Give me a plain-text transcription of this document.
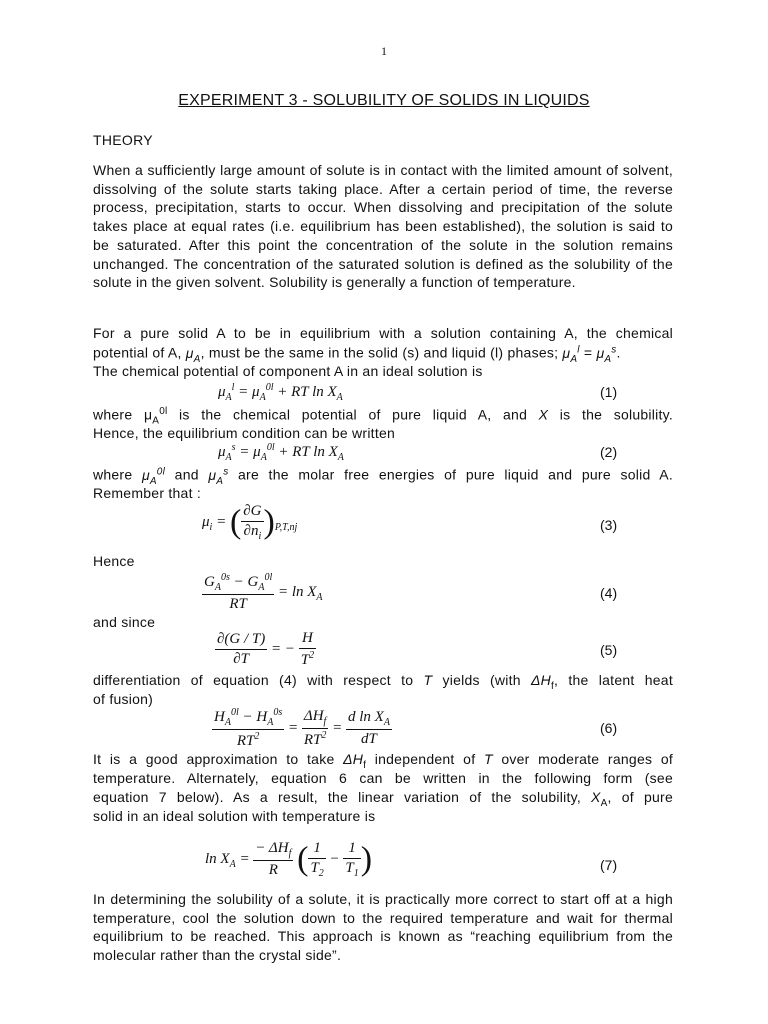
1
EXPERIMENT 3 - SOLUBILITY OF SOLIDS IN LIQUIDS
THEORY

When a sufficiently large amount of solute is in contact with the limited amount of solvent, dissolving of the solute starts taking place. After a certain period of time, the reverse process, precipitation, starts to occur. When dissolving and precipitation of the solute takes place at equal rates (i.e. equilibrium has been established), the solution is said to be saturated. After this point the concentration of the solute in the solution remains unchanged. The concentration of the saturated solution is defined as the solubility of the solute in the given solvent. Solubility is generally a function of temperature.

For a pure solid A to be in equilibrium with a solution containing A, the chemical
potential of A, $\mu_A$, must be the same in the solid (s) and liquid (l) phases; $\mu_A^l = \mu_A^s$.
The chemical potential of component A in an ideal solution is
$\mu_A^l = \mu_A^{0l}$ + RT $\ln X_A$	(1)
where $\mu_A^{0l}$ is the chemical potential of pure liquid A, and X is the solubility.
Hence, the equilibrium condition can be written
$\mu_A^s = \mu_A^{0l}$ + RT $\ln X_A$	(2)
where $\mu_A^{0l}$ and $\mu_A^s$ are the molar free energies of pure liquid and pure solid A.
Remember that :
$\mu_i$ = ( $\frac{\partial G}{\partial n_i} )_{P,T,nj}$	(3)
Hence
$\frac{G_A^{0s} - G_A^{0l}}{RT} = \ln X_A$	(4)
and since
$\frac{\partial(G / T)}{\partial T}$ = − $\frac{H}{T^2}$	(5)
differentiation of equation (4) with respect to T yields (with $\Delta H_f$, the latent heat
of fusion)
$\frac{H_A^{0l} - H_A^{0s}}{RT^2} = \frac{\Delta H_f}{RT^2} = \frac{d \ln X_A}{dT}$	(6)
It is a good approximation to take $\Delta H_f$ independent of T over moderate ranges of
temperature. Alternately, equation 6 can be written in the following form (see
equation 7 below). As a result, the linear variation of the solubility, $X_A$, of pure
solid in an ideal solution with temperature is
$\ln X_A = \frac{- \Delta H_f}{R}$ ( $\frac{1}{T_2} - \frac{1}{T_1}$ )	(7)

In determining the solubility of a solute, it is practically more correct to start off at a high temperature, cool the solution down to the required temperature and wait for thermal equilibrium to be reached. This approach is known as “reaching equilibrium from the molecular rather than the crystal side”.
